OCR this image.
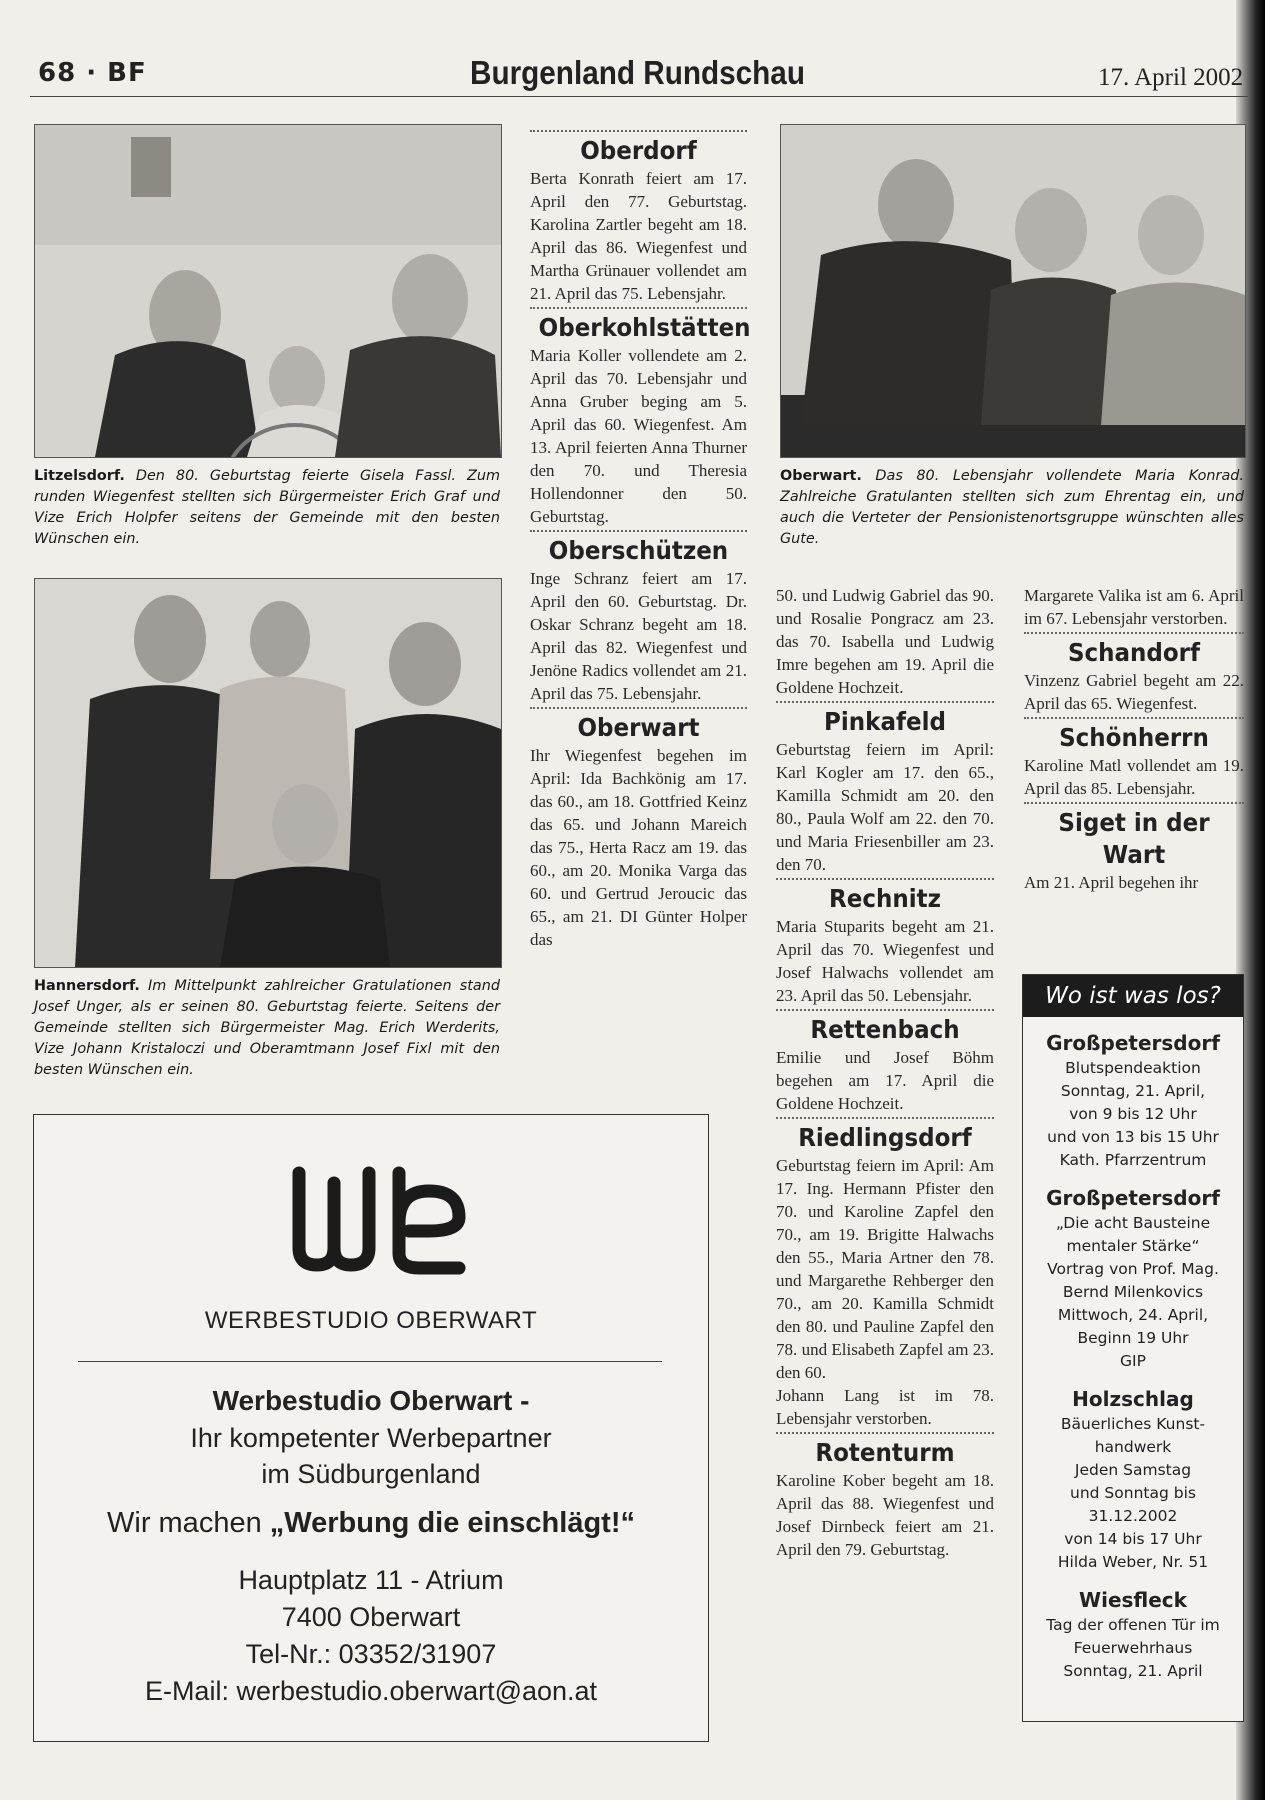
68 · BF	Burgenland Rundschau	17. April 2002
Litzelsdorf. Den 80. Geburtstag feierte Gisela Fassl. Zum runden Wiegenfest stellten sich Bürgermeister Erich Graf und Vize Erich Holpfer seitens der Gemeinde mit den besten Wünschen ein.
Hannersdorf. Im Mittelpunkt zahlreicher Gratulationen stand Josef Unger, als er seinen 80. Geburtstag feierte. Seitens der Gemeinde stellten sich Bürgermeister Mag. Erich Werderits, Vize Johann Kristaloczi und Oberamtmann Josef Fixl mit den besten Wünschen ein.
Oberwart. Das 80. Lebensjahr vollendete Maria Konrad. Zahlreiche Gratulanten stellten sich zum Ehrentag ein, und auch die Verteter der Pensionistenortsgruppe wünschten alles Gute.
Oberdorf

Berta Konrath feiert am 17. April den 77. Geburtstag. Karolina Zartler begeht am 18. April das 86. Wiegenfest und Martha Grünauer vollendet am 21. April das 75. Lebensjahr.

Oberkohlstätten

Maria Koller vollendete am 2. April das 70. Lebensjahr und Anna Gruber beging am 5. April das 60. Wiegenfest. Am 13. April feierten Anna Thurner den 70. und Theresia Hollendonner den 50. Geburtstag.

Oberschützen

Inge Schranz feiert am 17. April den 60. Geburtstag. Dr. Oskar Schranz begeht am 18. April das 82. Wiegenfest und Jenöne Radics vollendet am 21. April das 75. Lebensjahr.

Oberwart

Ihr Wiegenfest begehen im April: Ida Bachkönig am 17. das 60., am 18. Gottfried Keinz das 65. und Johann Mareich das 75., Herta Racz am 19. das 60., am 20. Monika Varga das 60. und Gertrud Jeroucic das 65., am 21. DI Günter Holper das

50. und Ludwig Gabriel das 90. und Rosalie Pongracz am 23. das 70. Isabella und Ludwig Imre begehen am 19. April die Goldene Hochzeit.

Pinkafeld

Geburtstag feiern im April: Karl Kogler am 17. den 65., Kamilla Schmidt am 20. den 80., Paula Wolf am 22. den 70. und Maria Friesenbiller am 23. den 70.

Rechnitz

Maria Stuparits begeht am 21. April das 70. Wiegenfest und Josef Halwachs vollendet am 23. April das 50. Lebensjahr.

Rettenbach

Emilie und Josef Böhm begehen am 17. April die Goldene Hochzeit.

Riedlingsdorf

Geburtstag feiern im April: Am 17. Ing. Hermann Pfister den 70. und Karoline Zapfel den 70., am 19. Brigitte Halwachs den 55., Maria Artner den 78. und Margarethe Rehberger den 70., am 20. Kamilla Schmidt den 80. und Pauline Zapfel den 78. und Elisabeth Zapfel am 23. den 60.

Johann Lang ist im 78. Lebensjahr verstorben.

Rotenturm

Karoline Kober begeht am 18. April das 88. Wiegenfest und Josef Dirnbeck feiert am 21. April den 79. Geburtstag.

Margarete Valika ist am 6. April im 67. Lebensjahr verstorben.

Schandorf

Vinzenz Gabriel begeht am 22. April das 65. Wiegenfest.

Schönherrn

Karoline Matl vollendet am 19. April das 85. Lebensjahr.

Siget in der Wart

Am 21. April begehen ihr

Wo ist was los?
Großpetersdorf
Blutspendeaktion
Sonntag, 21. April,
von 9 bis 12 Uhr
und von 13 bis 15 Uhr
Kath. Pfarrzentrum
Großpetersdorf
„Die acht Bausteine
mentaler Stärke“
Vortrag von Prof. Mag.
Bernd Milenkovics
Mittwoch, 24. April,
Beginn 19 Uhr
GIP
Holzschlag
Bäuerliches Kunst-
handwerk
Jeden Samstag
und Sonntag bis
31.12.2002
von 14 bis 17 Uhr
Hilda Weber, Nr. 51
Wiesfleck
Tag der offenen Tür im
Feuerwehrhaus
Sonntag, 21. April
WERBESTUDIO OBERWART
Werbestudio Oberwart -
Ihr kompetenter Werbepartner
im Südburgenland
Wir machen „Werbung die einschlägt!“
Hauptplatz 11 - Atrium
7400 Oberwart
Tel-Nr.: 03352/31907
E-Mail: werbestudio.oberwart@aon.at
